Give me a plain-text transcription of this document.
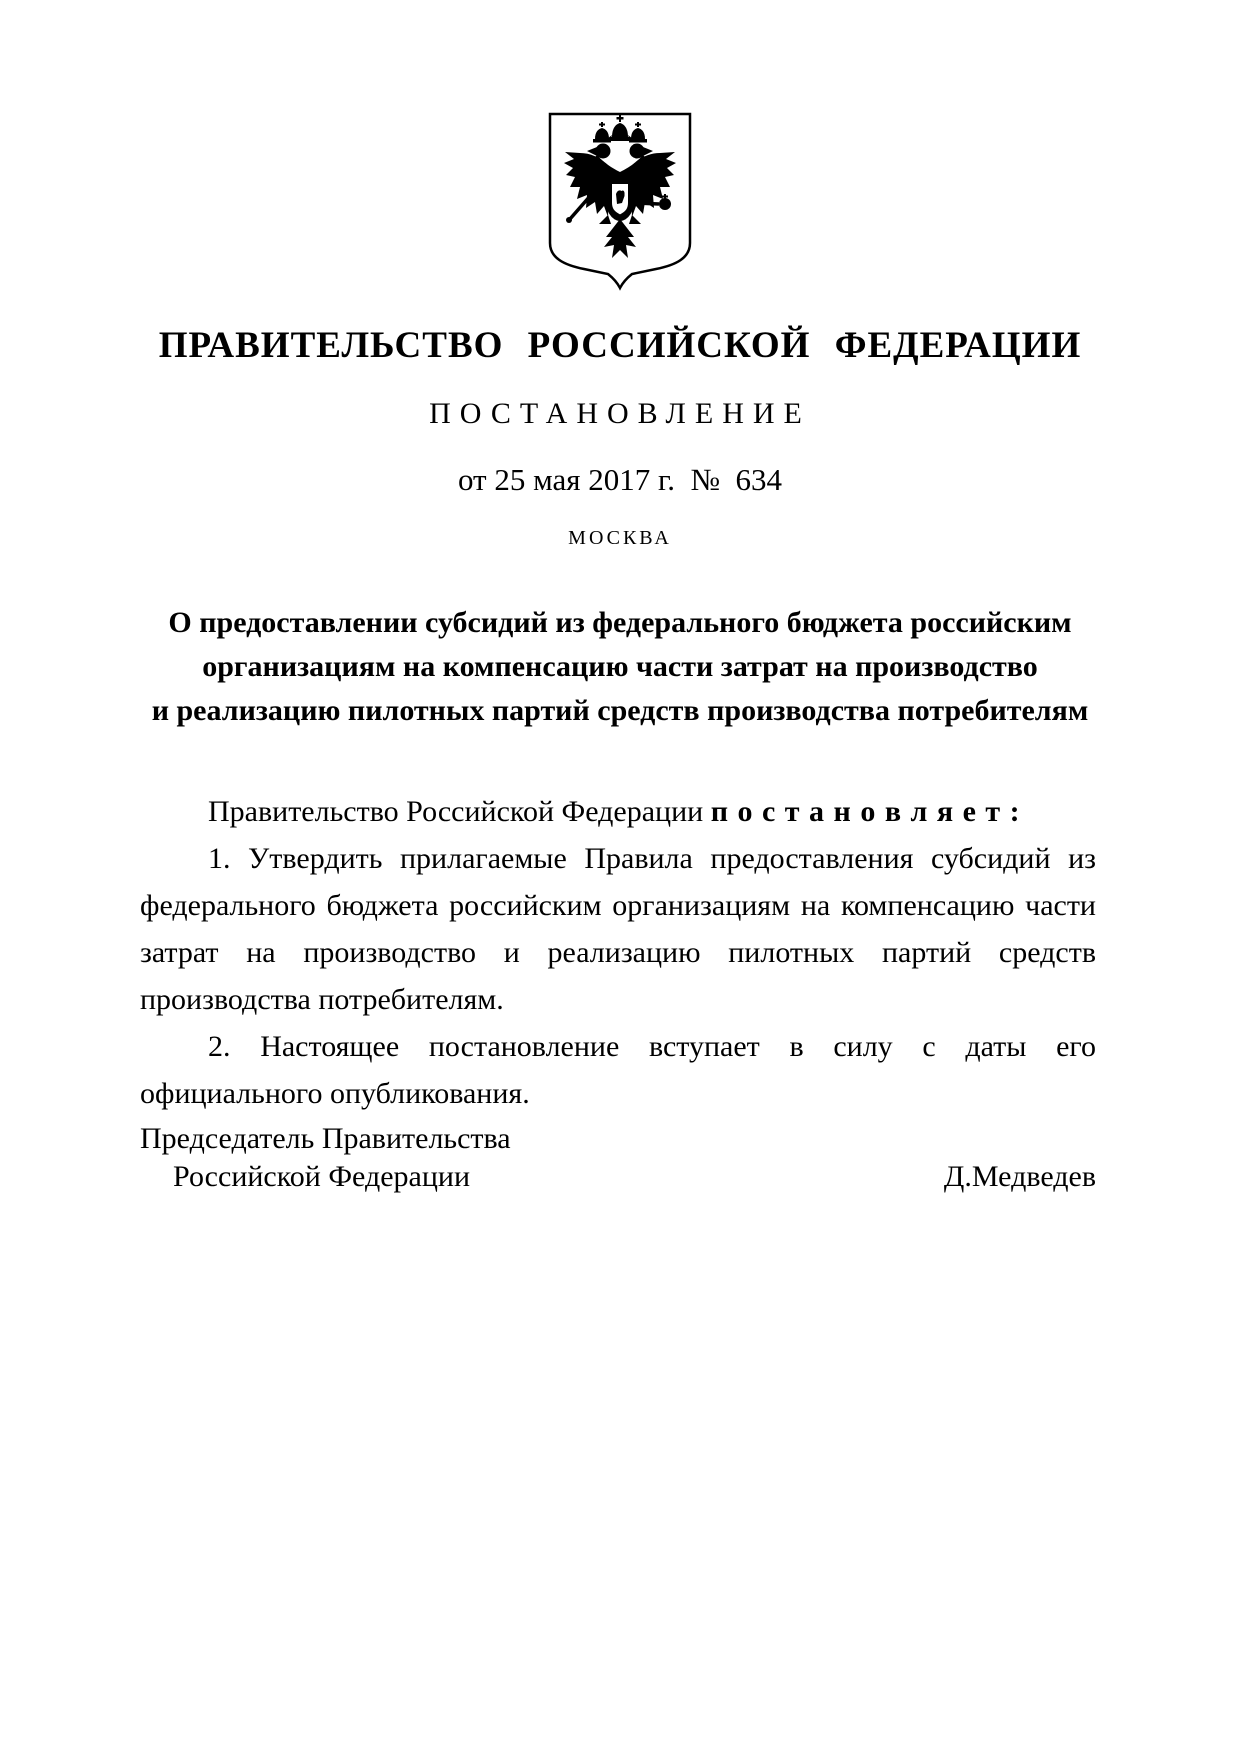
ПРАВИТЕЛЬСТВО РОССИЙСКОЙ ФЕДЕРАЦИИ
ПОСТАНОВЛЕНИЕ
от 25 мая 2017 г.  №  634
МОСКВА
О предоставлении субсидий из федерального бюджета российским
организациям на компенсацию части затрат на производство
и реализацию пилотных партий средств производства потребителям

Правительство Российской Федерации п о с т а н о в л я е т :

1. Утвердить прилагаемые Правила предоставления субсидий из федерального бюджета российским организациям на компенсацию части затрат на производство и реализацию пилотных партий средств производства потребителям.

2. Настоящее постановление вступает в силу с даты его официального опубликования.

Председатель Правительства
Российской Федерации	Д.Медведев
